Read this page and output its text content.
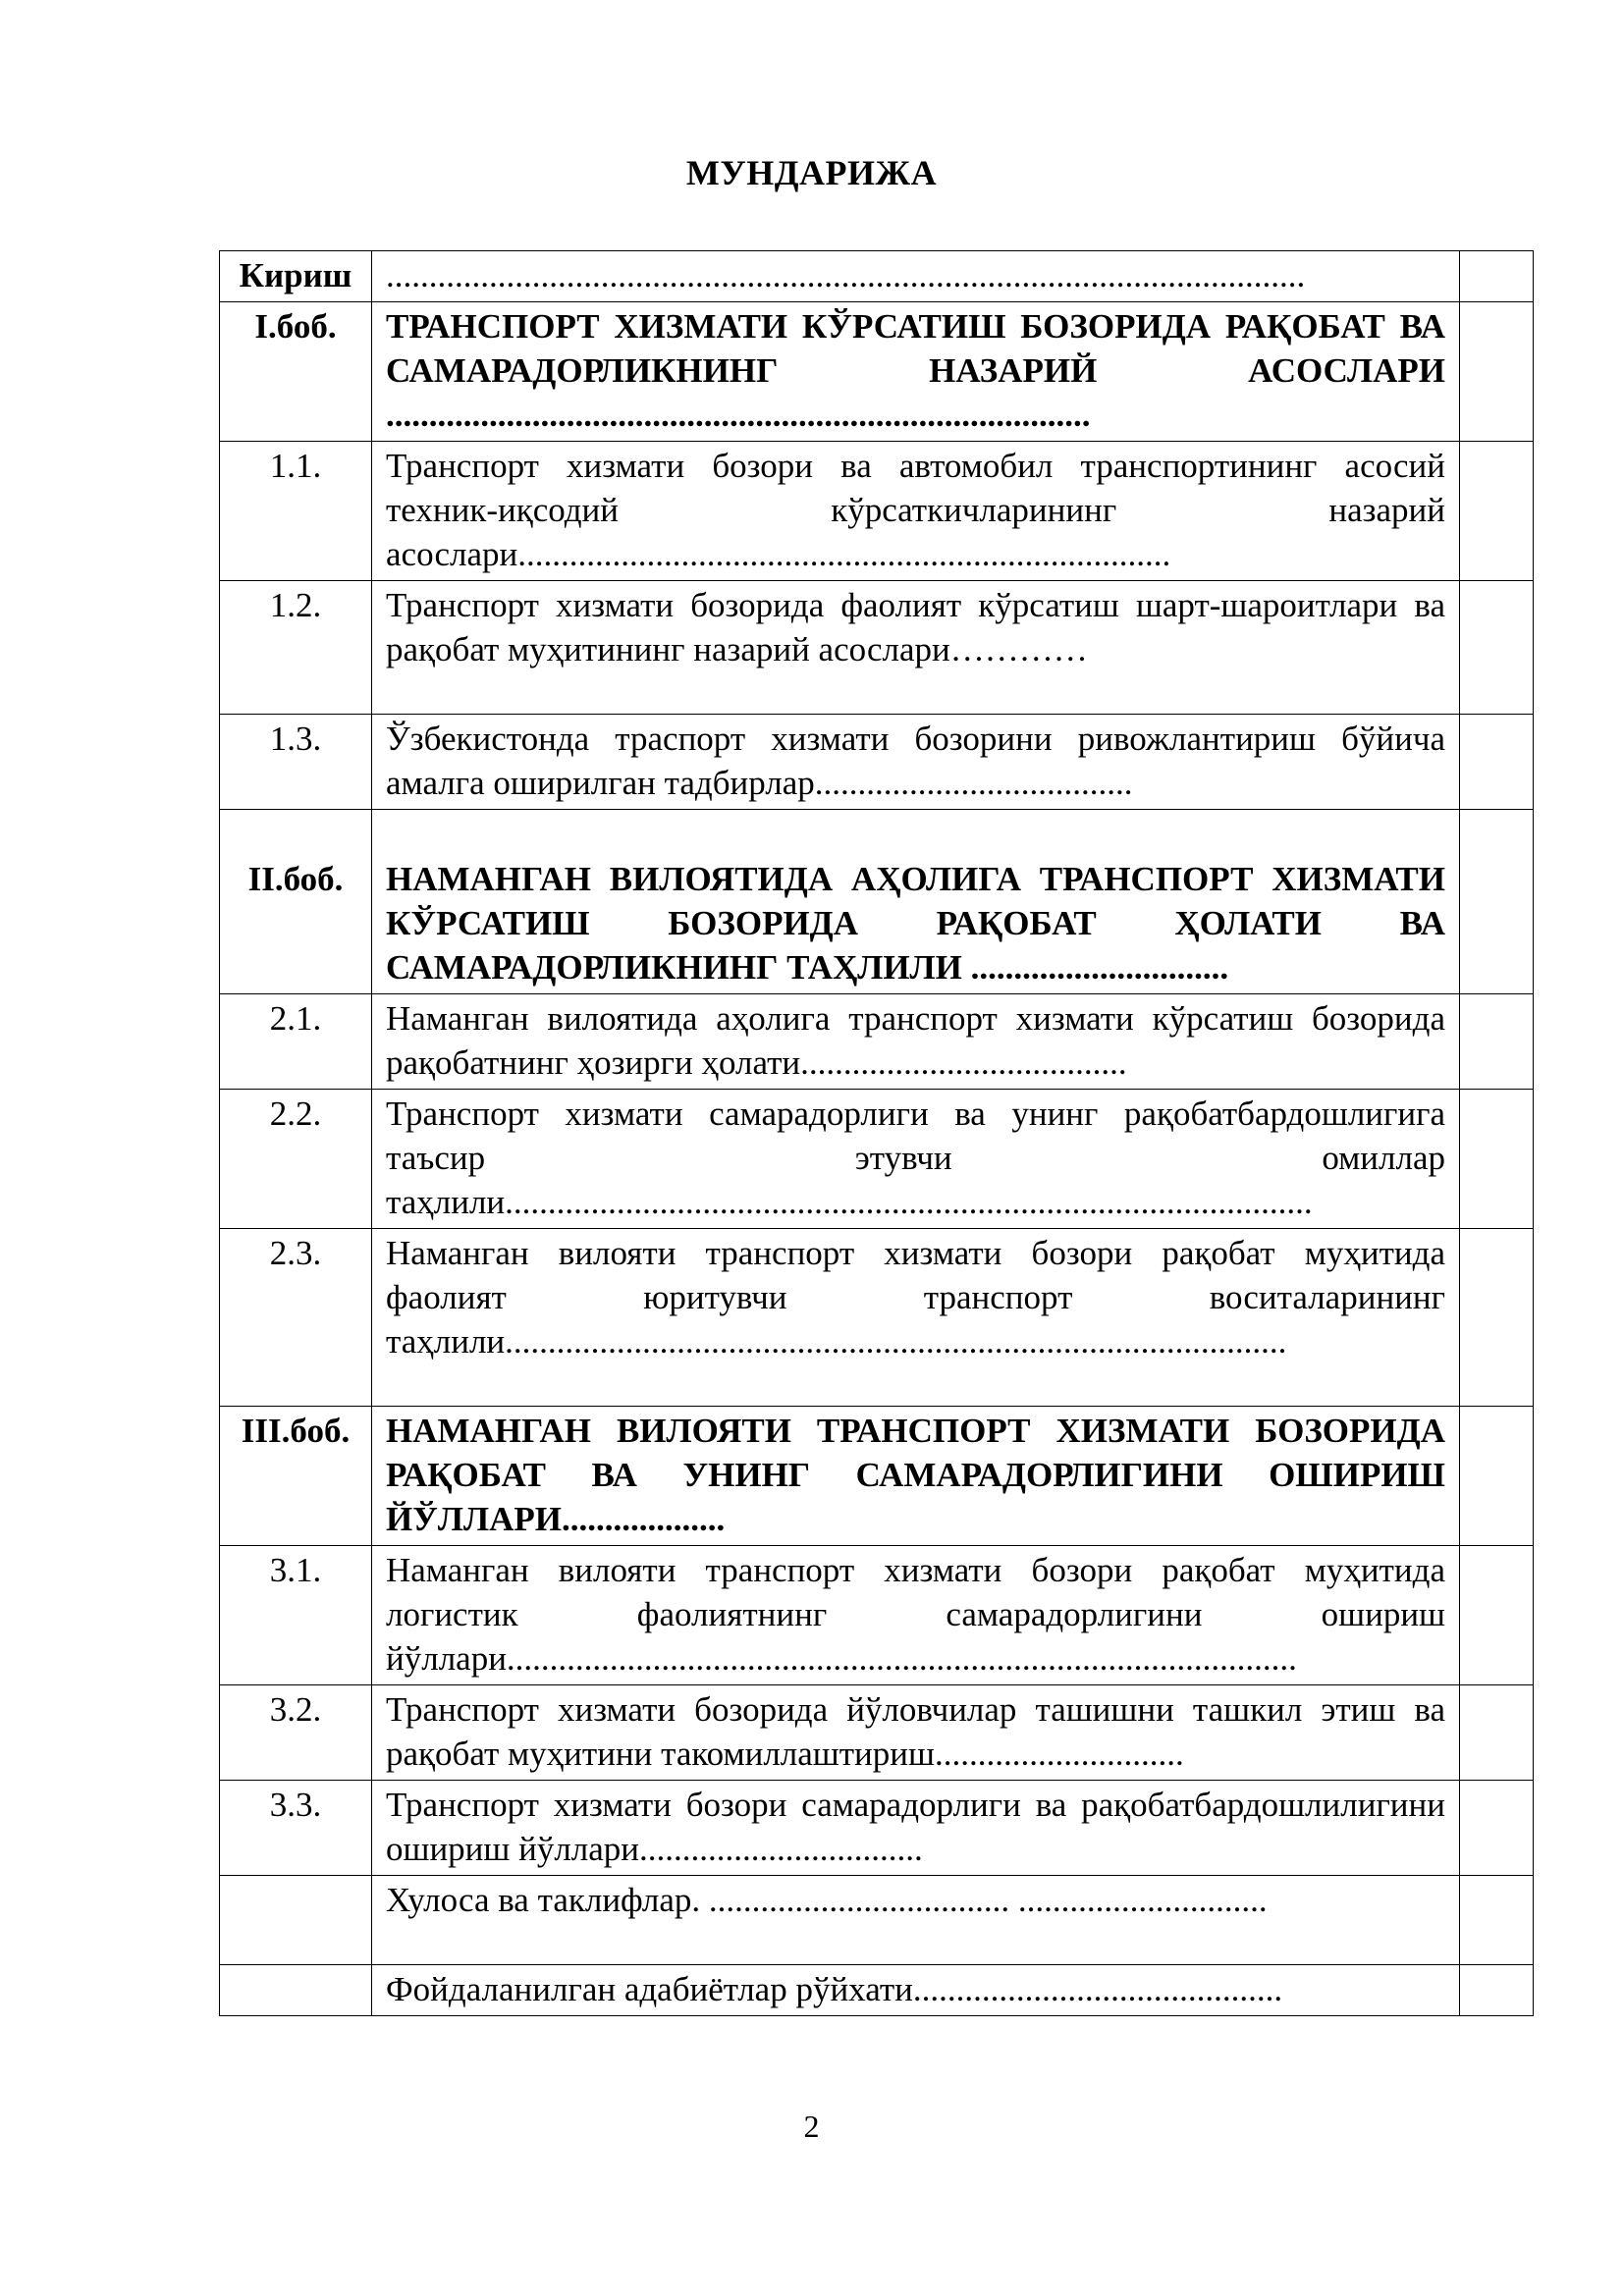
МУНДАРИЖА
Кириш	...........................................................................................................	
I.боб.	ТРАНСПОРТ ХИЗМАТИ КЎРСАТИШ БОЗОРИДА РАҚОБАТ ВА САМАРАДОРЛИКНИНГ НАЗАРИЙ АСОСЛАРИ ..................................................................................	
1.1.	Транспорт хизмати бозори ва автомобил транспортининг асосий техник-иқсодий кўрсаткичларининг назарий асослари............................................................................	
1.2.	Транспорт хизмати бозорида фаолият кўрсатиш шарт-шароитлари ва рақобат муҳитининг назарий асослари…………	
1.3.	Ўзбекистонда траспорт хизмати бозорини ривожлантириш бўйича амалга оширилган тадбирлар.....................................	
II.боб.	НАМАНГАН ВИЛОЯТИДА АҲОЛИГА ТРАНСПОРТ ХИЗМАТИ КЎРСАТИШ БОЗОРИДА РАҚОБАТ ҲОЛАТИ ВА САМАРАДОРЛИКНИНГ ТАҲЛИЛИ ..............................	
2.1.	Наманган вилоятида аҳолига транспорт хизмати кўрсатиш бозорида рақобатнинг ҳозирги ҳолати......................................	
2.2.	Транспорт хизмати самарадорлиги ва унинг рақобатбардошлигига таъсир этувчи омиллар таҳлили..............................................................................................	
2.3.	Наманган вилояти транспорт хизмати бозори рақобат муҳитида фаолият юритувчи транспорт воситаларининг таҳлили...........................................................................................	
III.боб.	НАМАНГАН ВИЛОЯТИ ТРАНСПОРТ ХИЗМАТИ БОЗОРИДА РАҚОБАТ ВА УНИНГ САМАРАДОРЛИГИНИ ОШИРИШ ЙЎЛЛАРИ...................	
3.1.	Наманган вилояти транспорт хизмати бозори рақобат муҳитида логистик фаолиятнинг самарадорлигини ошириш йўллари............................................................................................	
3.2.	Транспорт хизмати бозорида йўловчилар ташишни ташкил этиш ва рақобат муҳитини такомиллаштириш.............................	
3.3.	Транспорт хизмати бозори самарадорлиги ва рақобатбардошлилигини ошириш йўллари.................................	
	Хулоса ва таклифлар. ................................... .............................	
	Фойдаланилган адабиётлар рўйхати...........................................	
2
